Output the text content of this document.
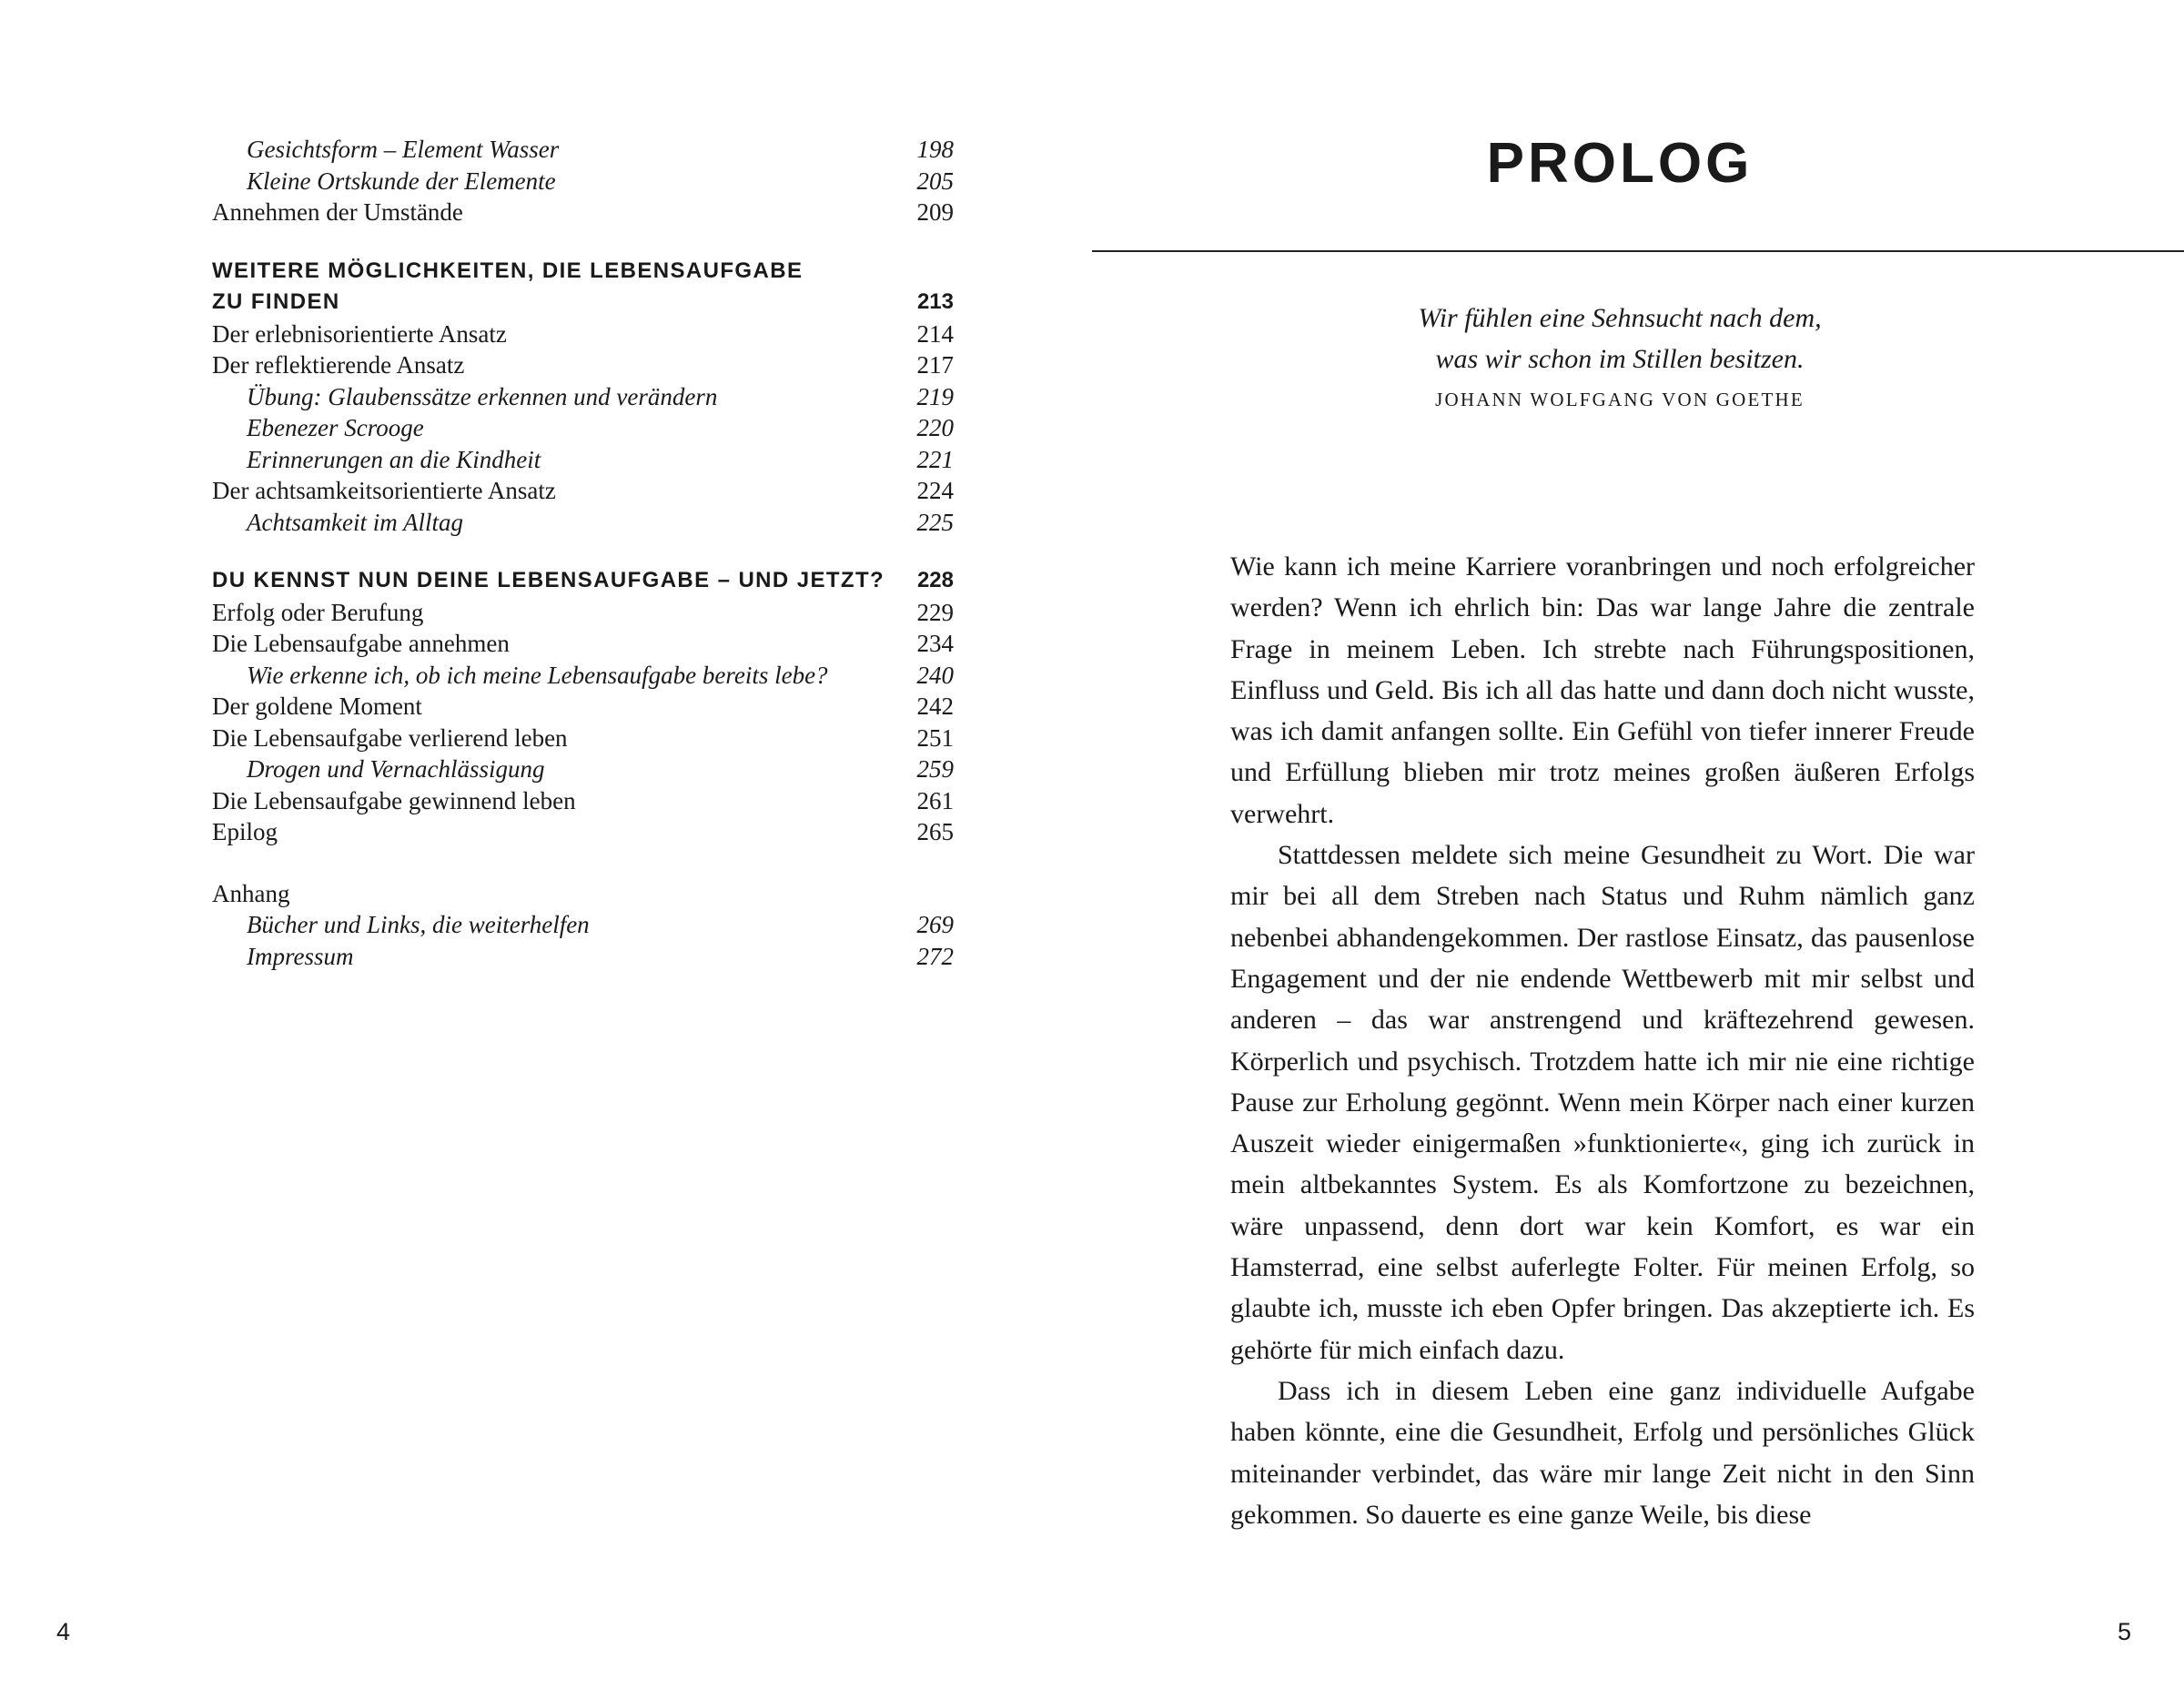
Gesichtsform – Element Wasser	198
Kleine Ortskunde der Elemente	205
Annehmen der Umstände	209
WEITERE MÖGLICHKEITEN, DIE LEBENSAUFGABE
ZU FINDEN	213
Der erlebnisorientierte Ansatz	214
Der reflektierende Ansatz	217
Übung: Glaubenssätze erkennen und verändern	219
Ebenezer Scrooge	220
Erinnerungen an die Kindheit	221
Der achtsamkeitsorientierte Ansatz	224
Achtsamkeit im Alltag	225
DU KENNST NUN DEINE LEBENSAUFGABE – UND JETZT? 228
Erfolg oder Berufung	229
Die Lebensaufgabe annehmen	234
Wie erkenne ich, ob ich meine Lebensaufgabe bereits lebe?	240
Der goldene Moment	242
Die Lebensaufgabe verlierend leben	251
Drogen und Vernachlässigung	259
Die Lebensaufgabe gewinnend leben	261
Epilog	265
Anhang
Bücher und Links, die weiterhelfen	269
Impressum	272
4
PROLOG
Wir fühlen eine Sehnsucht nach dem,
was wir schon im Stillen besitzen.
JOHANN WOLFGANG VON GOETHE

Wie kann ich meine Karriere voranbringen und noch erfolgreicher werden? Wenn ich ehrlich bin: Das war lange Jahre die zentrale Frage in meinem Leben. Ich strebte nach Führungspositionen, Einfluss und Geld. Bis ich all das hatte und dann doch nicht wusste, was ich damit anfangen sollte. Ein Gefühl von tiefer innerer Freude und Erfüllung blieben mir trotz meines großen äußeren Erfolgs verwehrt.

Stattdessen meldete sich meine Gesundheit zu Wort. Die war mir bei all dem Streben nach Status und Ruhm nämlich ganz nebenbei abhandengekommen. Der rastlose Einsatz, das pausenlose Engagement und der nie endende Wettbewerb mit mir selbst und anderen – das war anstrengend und kräftezehrend gewesen. Körperlich und psychisch. Trotzdem hatte ich mir nie eine richtige Pause zur Erholung gegönnt. Wenn mein Körper nach einer kurzen Auszeit wieder einigermaßen »funktionierte«, ging ich zurück in mein altbekanntes System. Es als Komfortzone zu bezeichnen, wäre unpassend, denn dort war kein Komfort, es war ein Hamsterrad, eine selbst auferlegte Folter. Für meinen Erfolg, so glaubte ich, musste ich eben Opfer bringen. Das akzeptierte ich. Es gehörte für mich einfach dazu.

Dass ich in diesem Leben eine ganz individuelle Aufgabe haben könnte, eine die Gesundheit, Erfolg und persönliches Glück miteinander verbindet, das wäre mir lange Zeit nicht in den Sinn gekommen. So dauerte es eine ganze Weile, bis diese

5
